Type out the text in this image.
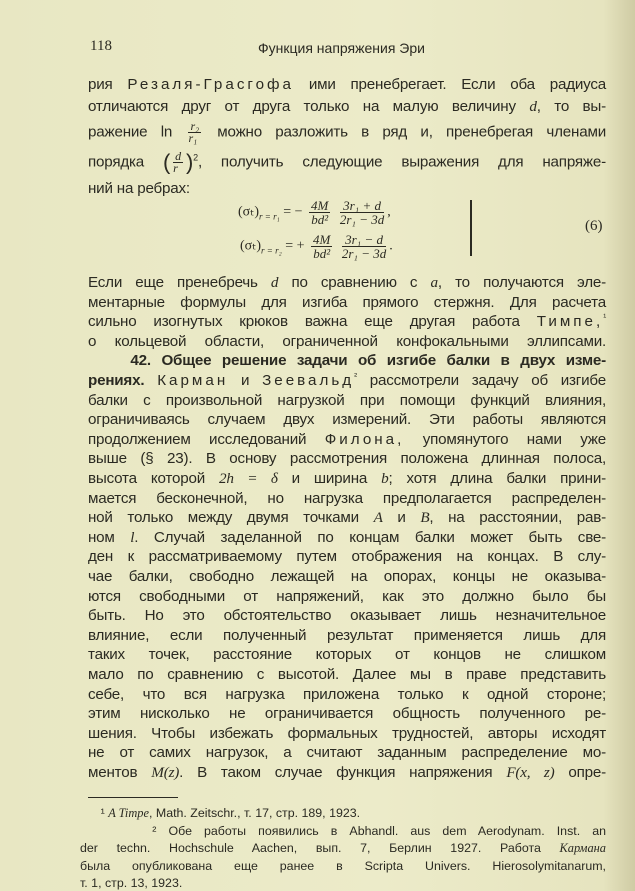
118	Функция напряжения Эри
рия Резаля-Грасгофа ими пренебрегает. Если оба радиуса
отличаются друг от друга только на малую величину d, то вы-
ражение $\ln \frac{\text{r₂}}{\text{r₁}}$ можно разложить в ряд и, пренебрегая членами
порядка ( $\frac{d}{r} )^2$, получить следующие выражения для напряже-
ний на ребрах:
$(\sigma_t)_{r = r_1}$ = − $\frac{4M}{\text{bd²}}$
$\frac{\text{3r₁ + d}}{\text{2r₁ − 3d}}$ ,
$(\sigma_t)_{r = r_2}$ = + $\frac{4M}{\text{bd²}}$
$\frac{\text{3r₁ − d}}{\text{2r₁ − 3d}}$ .
(6)
Если еще пренебречь d по сравнению с a, то получаются эле-
ментарные формулы для изгиба прямого стержня. Для расчета
сильно изогнутых крюков важна еще другая работа Тимпе,$^{^1}$
о кольцевой области, ограниченной конфокальными эллипсами.
42. Общее решение задачи об изгибе балки в двух изме-
рениях. Карман и Зеевальд$^{^2}$ рассмотрели задачу об изгибе
балки с произвольной нагрузкой при помощи функций влияния,
ограничиваясь случаем двух измерений. Эти работы являются
продолжением исследований Филона, упомянутого нами уже
выше (§ 23). В основу рассмотрения положена длинная полоса,
высота которой 2h = δ и ширина b; хотя длина балки прини-
мается бесконечной, но нагрузка предполагается распределен-
ной только между двумя точками A и B, на расстоянии, рав-
ном l. Случай заделанной по концам балки может быть све-
ден к рассматриваемому путем отображения на концах. В слу-
чае балки, свободно лежащей на опорах, концы не оказыва-
ются свободными от напряжений, как это должно было бы
быть. Но это обстоятельство оказывает лишь незначительное
влияние, если полученный результат применяется лишь для
таких точек, расстояние которых от концов не слишком
мало по сравнению с высотой. Далее мы в праве представить
себе, что вся нагрузка приложена только к одной стороне;
этим нисколько не ограничивается общность полученного ре-
шения. Чтобы избежать формальных трудностей, авторы исходят
не от самих нагрузок, а считают заданным распределение мо-
ментов M(z). В таком случае функция напряжения F(x, z) опре-
¹ A Timpe, Math. Zeitschr., т. 17, стр. 189, 1923.
² Обе работы появились в Abhandl. aus dem Aerodynam. Inst. an
der techn. Hochschule Aachen, вып. 7, Берлин 1927. Работа Кармана
была опубликована еще ранее в Scripta Univers. Hierosolymitanarum,
т. 1, стр. 13, 1923.
